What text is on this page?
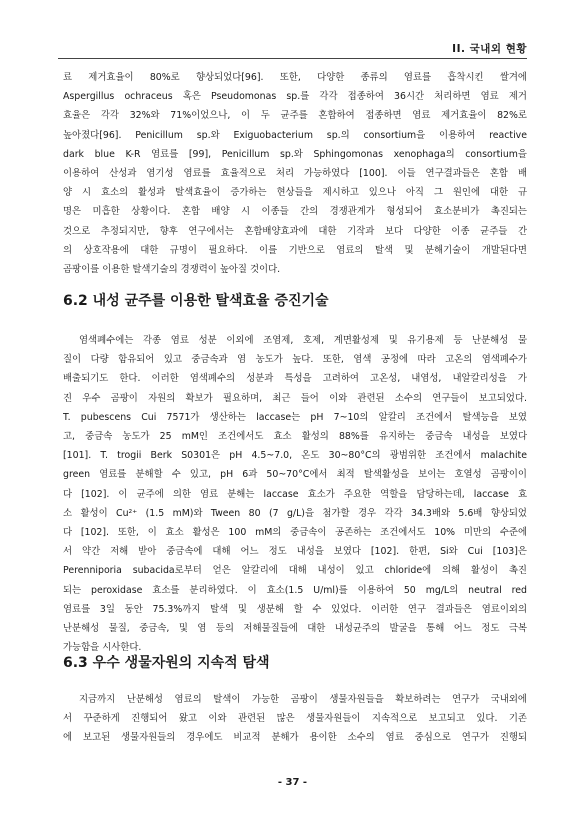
II. 국내외 현황
료 제거효율이 80%로 향상되었다[96]. 또한, 다양한 종류의 염료를 흡착시킨 쌀겨에
Aspergillus ochraceus 혹은 Pseudomonas sp.를 각각 접종하여 36시간 처리하면 염료 제거
효율은 각각 32%와 71%이었으나, 이 두 균주를 혼합하여 접종하면 염료 제거효율이 82%로
높아졌다[96]. Penicillum sp.와 Exiguobacterium sp.의 consortium을 이용하여 reactive
dark blue K-R 염료를 [99], Penicillum sp.와 Sphingomonas xenophaga의 consortium을
이용하여 산성과 염기성 염료를 효율적으로 처리 가능하였다 [100]. 이들 연구결과들은 혼합 배
양 시 효소의 활성과 탈색효율이 증가하는 현상들을 제시하고 있으나 아직 그 원인에 대한 규
명은 미흡한 상황이다. 혼합 배양 시 이종들 간의 경쟁관계가 형성되어 효소분비가 촉진되는
것으로 추정되지만, 향후 연구에서는 혼합배양효과에 대한 기작과 보다 다양한 이종 균주들 간
의 상호작용에 대한 규명이 필요하다. 이를 기반으로 염료의 탈색 및 분해기술이 개발된다면
곰팡이를 이용한 탈색기술의 경쟁력이 높아질 것이다.
6.2 내성 균주를 이용한 탈색효율 증진기술
염색폐수에는 각종 염료 성분 이외에 조염제, 호제, 계면활성제 및 유기용제 등 난분해성 물
질이 다량 함유되어 있고 중금속과 염 농도가 높다. 또한, 염색 공정에 따라 고온의 염색폐수가
배출되기도 한다. 이러한 염색폐수의 성분과 특성을 고려하여 고온성, 내염성, 내알칼리성을 가
진 우수 곰팡이 자원의 확보가 필요하며, 최근 들어 이와 관련된 소수의 연구들이 보고되었다.
T. pubescens Cui 7571가 생산하는 laccase는 pH 7~10의 알칼리 조건에서 탈색능을 보였
고, 중금속 농도가 25 mM인 조건에서도 효소 활성의 88%를 유지하는 중금속 내성을 보였다
[101]. T. trogii Berk S0301은 pH 4.5~7.0, 온도 30~80°C의 광범위한 조건에서 malachite
green 염료를 분해할 수 있고, pH 6과 50~70°C에서 최적 탈색활성을 보이는 호열성 곰팡이이
다 [102]. 이 균주에 의한 염료 분해는 laccase 효소가 주요한 역할을 담당하는데, laccase 효
소 활성이 Cu²⁺ (1.5 mM)와 Tween 80 (7 g/L)을 첨가할 경우 각각 34.3배와 5.6배 향상되었
다 [102]. 또한, 이 효소 활성은 100 mM의 중금속이 공존하는 조건에서도 10% 미만의 수준에
서 약간 저해 받아 중금속에 대해 어느 정도 내성을 보였다 [102]. 한편, Si와 Cui [103]은
Perenniporia subacida로부터 얻은 알칼리에 대해 내성이 있고 chloride에 의해 활성이 촉진
되는 peroxidase 효소를 분리하였다. 이 효소(1.5 U/ml)를 이용하여 50 mg/L의 neutral red
염료를 3일 동안 75.3%까지 탈색 및 생분해 할 수 있었다. 이러한 연구 결과들은 염료이외의
난분해성 물질, 중금속, 및 염 등의 저해물질들에 대한 내성균주의 발굴을 통해 어느 정도 극복
가능함을 시사한다.
6.3 우수 생물자원의 지속적 탐색
지금까지 난분해성 염료의 탈색이 가능한 곰팡이 생물자원들을 확보하려는 연구가 국내외에
서 꾸준하게 진행되어 왔고 이와 관련된 많은 생물자원들이 지속적으로 보고되고 있다. 기존
에 보고된 생물자원들의 경우에도 비교적 분해가 용이한 소수의 염료 중심으로 연구가 진행되
- 37 -
